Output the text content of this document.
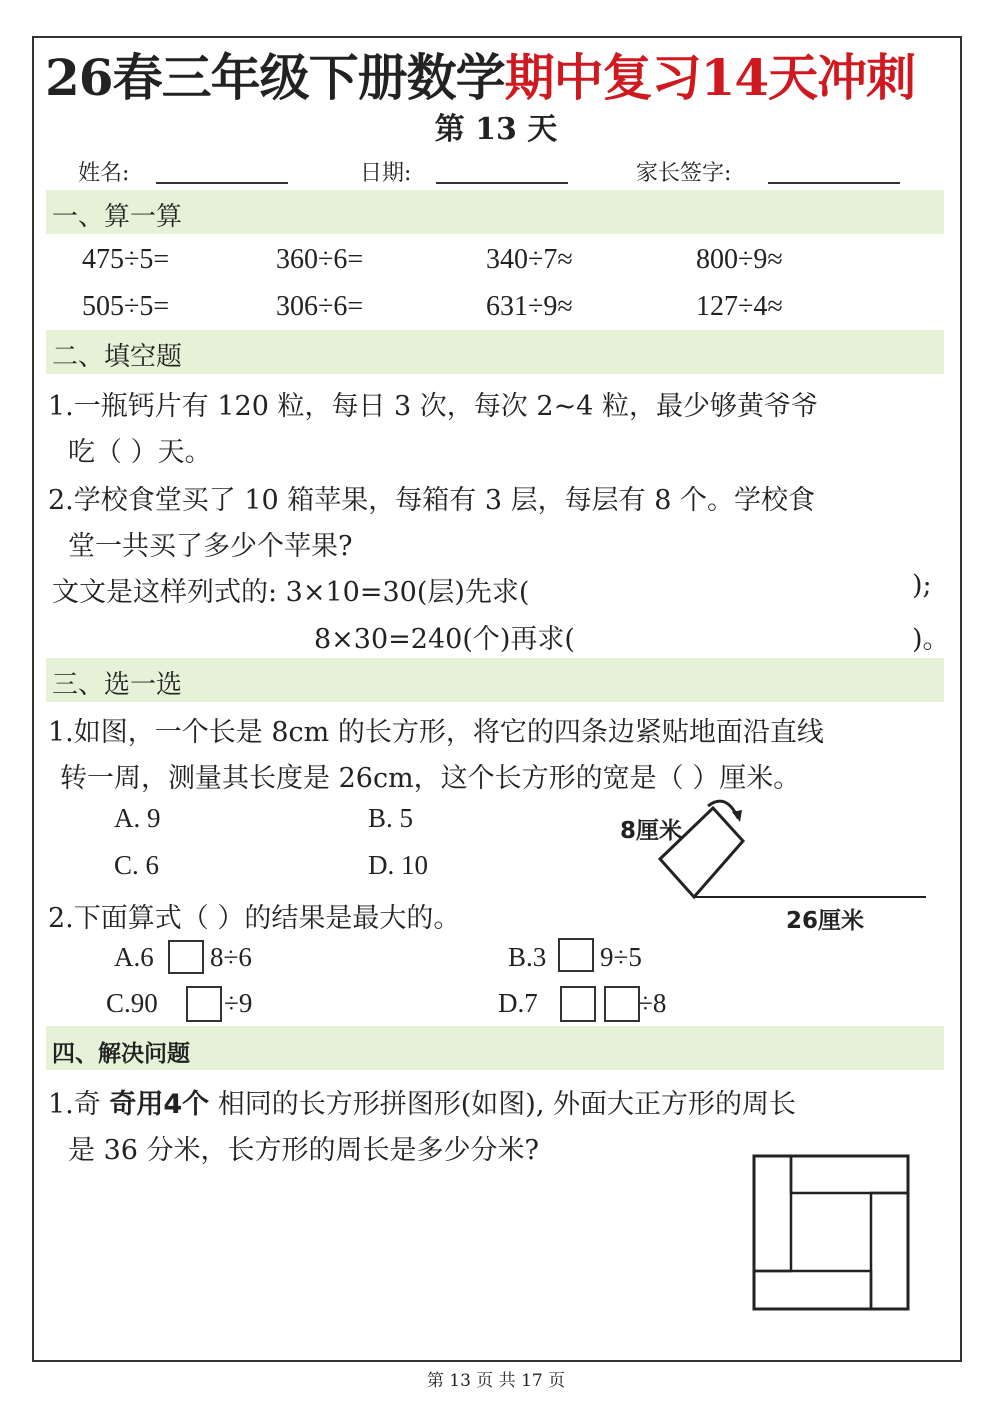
26春三年级下册数学期中复习14天冲刺
第 13 天
姓名:	日期:	家长签字:
一、算一算
475÷5=	360÷6=	340÷7≈	800÷9≈
505÷5=	306÷6=	631÷9≈	127÷4≈
二、填空题
1.一瓶钙片有 120 粒，每日 3 次，每次 2~4 粒，最少够黄爷爷
吃（ ）天。
2.学校食堂买了 10 箱苹果，每箱有 3 层，每层有 8 个。学校食
堂一共买了多少个苹果?
文文是这样列式的: 3×10=30(层)先求(	);
8×30=240(个)再求(	)。
三、选一选
1.如图，一个长是 8cm 的长方形，将它的四条边紧贴地面沿直线
转一周，测量其长度是 26cm，这个长方形的宽是（ ）厘米。
A. 9	B. 5
C. 6	D. 10
8厘米
26厘米
2.下面算式（ ）的结果是最大的。
A.6 8÷6	B.3 9÷5
C.90 ÷9	D.7	÷8
四、解决问题
1.奇 奇用4个 相同的长方形拼图形(如图), 外面大正方形的周长
是 36 分米，长方形的周长是多少分米?
第 13 页 共 17 页
